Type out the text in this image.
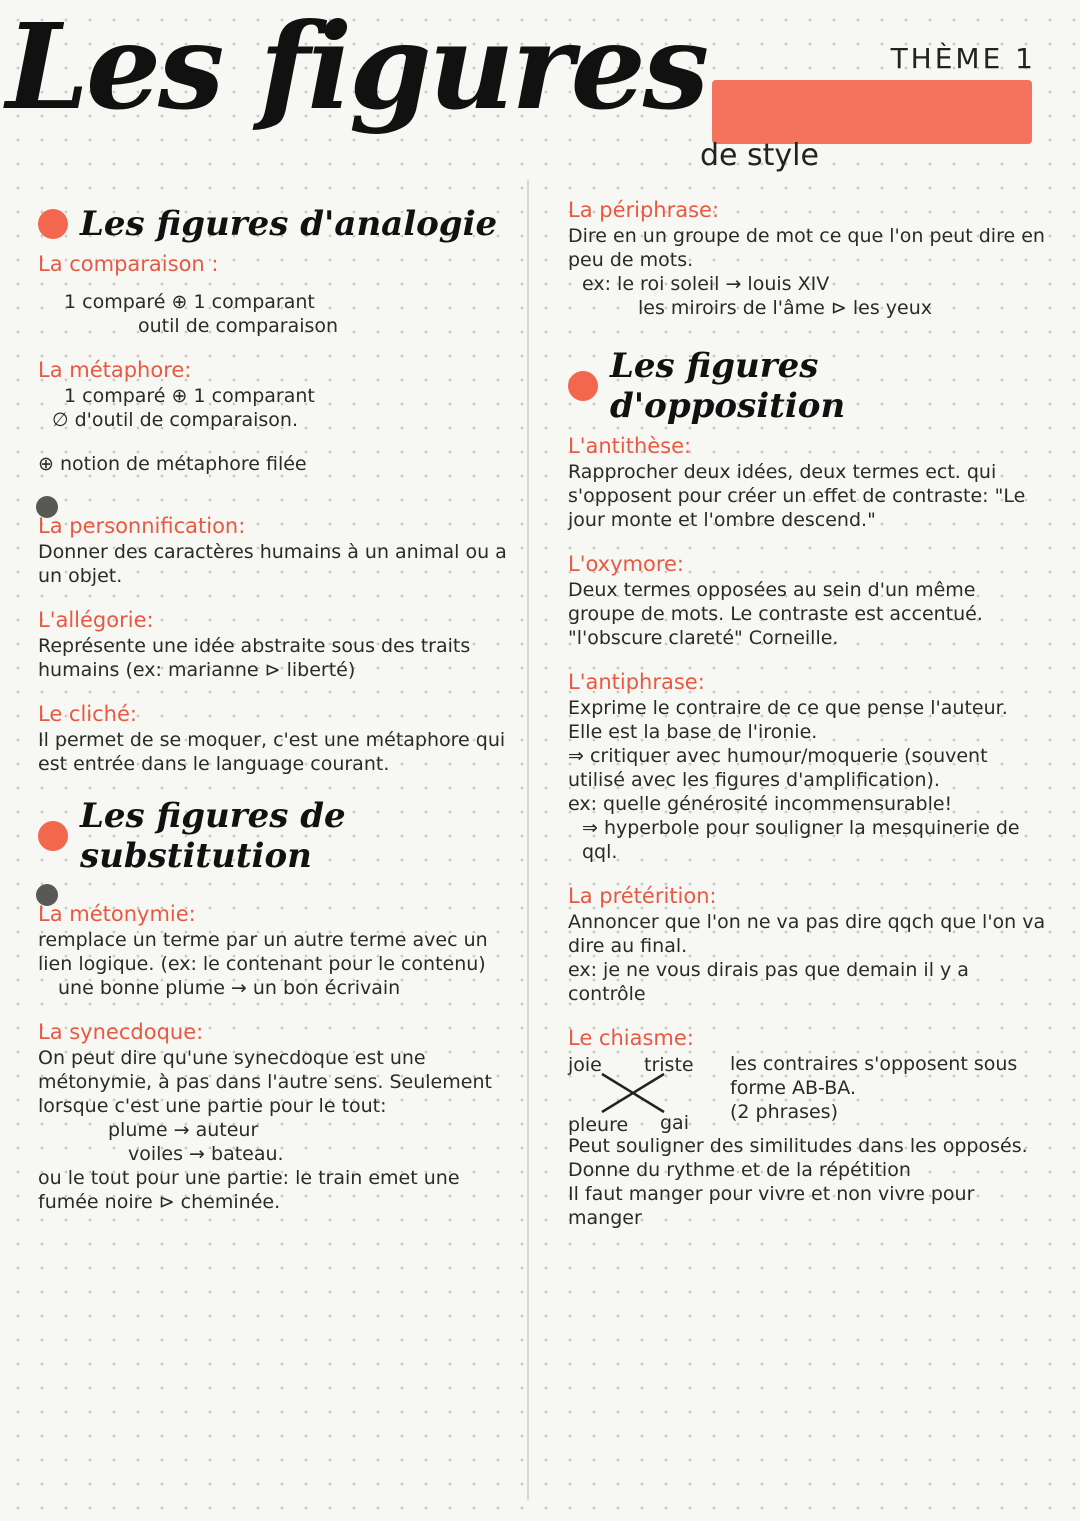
Les figures	THÈME 1
de style
Les figures d'analogie
La comparaison :
1 comparé ⊕ 1 comparant
outil de comparaison
La métaphore:
1 comparé ⊕ 1 comparant
∅ d'outil de comparaison.
⊕ notion de métaphore filée
La personnification:
Donner des caractères humains à un animal ou a un objet.
L'allégorie:
Représente une idée abstraite sous des traits humains (ex: marianne ⊳ liberté)
Le cliché:
Il permet de se moquer, c'est une métaphore qui est entrée dans le language courant.
Les figures de substitution
La métonymie:
remplace un terme par un autre terme avec un lien logique. (ex: le contenant pour le contenu)
une bonne plume → un bon écrivain
La synecdoque:
On peut dire qu'une synecdoque est une métonymie, à pas dans l'autre sens. Seulement lorsque c'est une partie pour le tout:
plume → auteur
voiles → bateau.
ou le tout pour une partie: le train emet une fumée noire ⊳ cheminée.
La périphrase:
Dire en un groupe de mot ce que l'on peut dire en peu de mots.
ex: le roi soleil → louis XIV
les miroirs de l'âme ⊳ les yeux
Les figures d'opposition
L'antithèse:
Rapprocher deux idées, deux termes ect. qui s'opposent pour créer un effet de contraste: "Le jour monte et l'ombre descend."
L'oxymore:
Deux termes opposées au sein d'un même groupe de mots. Le contraste est accentué. "l'obscure clareté" Corneille.
L'antiphrase:
Exprime le contraire de ce que pense l'auteur. Elle est la base de l'ironie.
⇒ critiquer avec humour/moquerie (souvent utilisé avec les figures d'amplification).
ex: quelle générosité incommensurable!
⇒ hyperbole pour souligner la mesquinerie de qql.
La prétérition:
Annoncer que l'on ne va pas dire qqch que l'on va dire au final.
ex: je ne vous dirais pas que demain il y a contrôle
Le chiasme:
joie triste
pleure gai
les contraires s'opposent sous forme AB-BA.
(2 phrases)
Peut souligner des similitudes dans les opposés. Donne du rythme et de la répétition
Il faut manger pour vivre et non vivre pour manger
